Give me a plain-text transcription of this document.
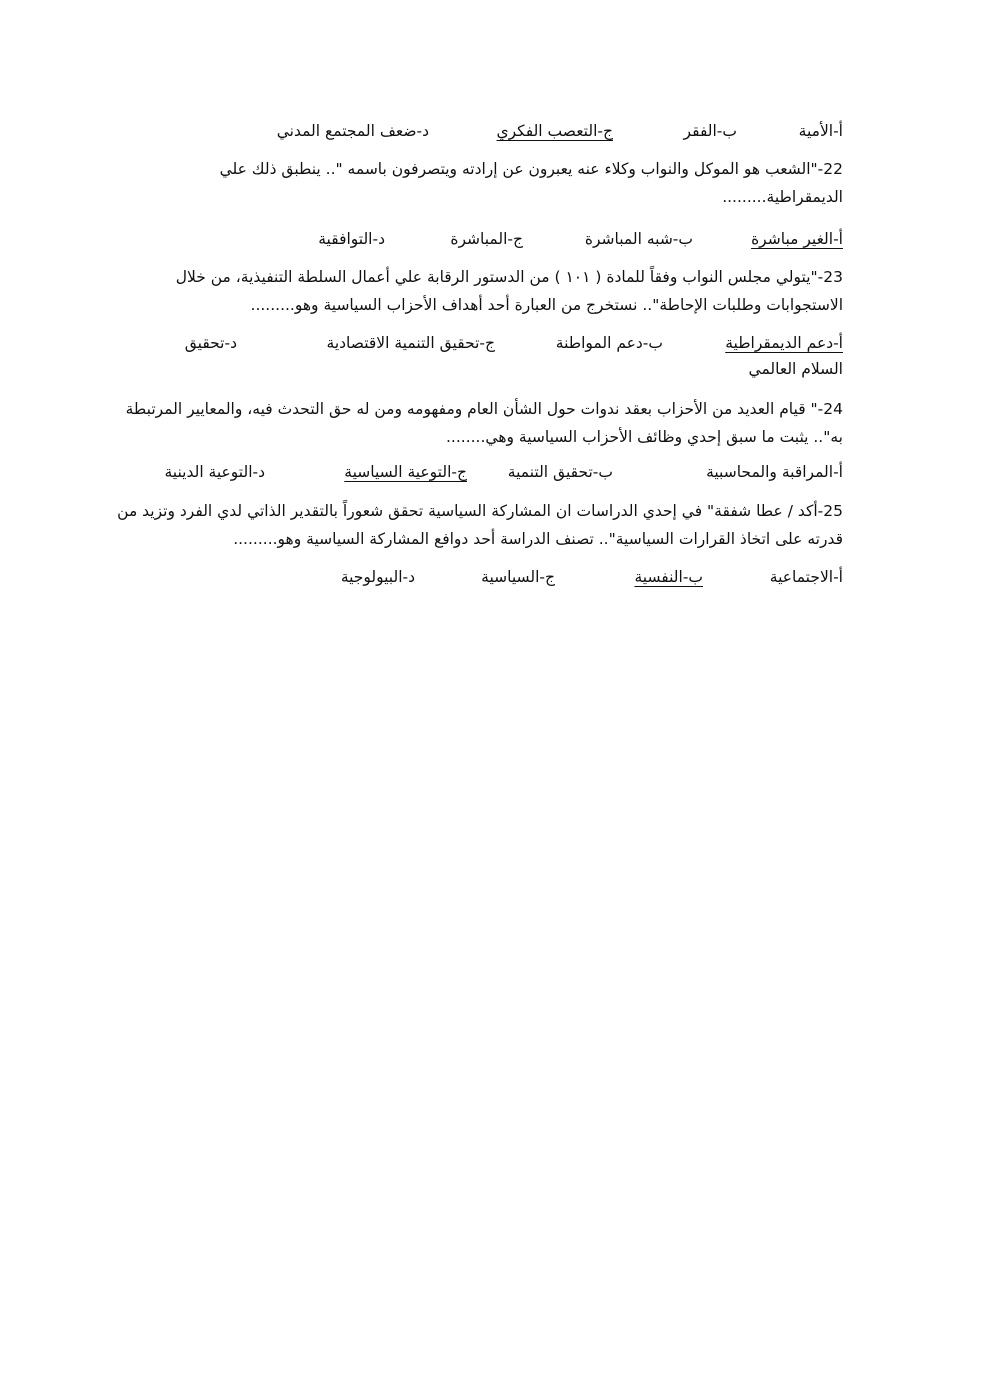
أ-الأمية
ب-الفقر
ج-التعصب الفكري
د-ضعف المجتمع المدني
22-"الشعب هو الموكل والنواب وكلاء عنه يعبرون عن إرادته ويتصرفون باسمه ".. ينطبق ذلك علي
الديمقراطية.........
أ-الغير مباشرة
ب-شبه المباشرة
ج-المباشرة
د-التوافقية
23-"يتولي مجلس النواب وفقاً للمادة ( ١٠١ ) من الدستور الرقابة علي أعمال السلطة التنفيذية، من خلال
الاستجوابات وطلبات الإحاطة".. نستخرج من العبارة أحد أهداف الأحزاب السياسية وهو.........
أ-دعم الديمقراطية
ب-دعم المواطنة
ج-تحقيق التنمية الاقتصادية
د-تحقيق
السلام العالمي
24-" قيام العديد من الأحزاب بعقد ندوات حول الشأن العام ومفهومه ومن له حق التحدث فيه، والمعايير المرتبطة
به".. يثبت ما سبق إحدي وظائف الأحزاب السياسية وهي........
أ-المراقبة والمحاسبية
ب-تحقيق التنمية
ج-التوعية السياسية
د-التوعية الدينية
25-أكد / عطا شفقة" في إحدي الدراسات ان المشاركة السياسية تحقق شعوراً بالتقدير الذاتي لدي الفرد وتزيد من
قدرته على اتخاذ القرارات السياسية".. تصنف الدراسة أحد دوافع المشاركة السياسية وهو.........
أ-الاجتماعية
ب-النفسية
ج-السياسية
د-البيولوجية
